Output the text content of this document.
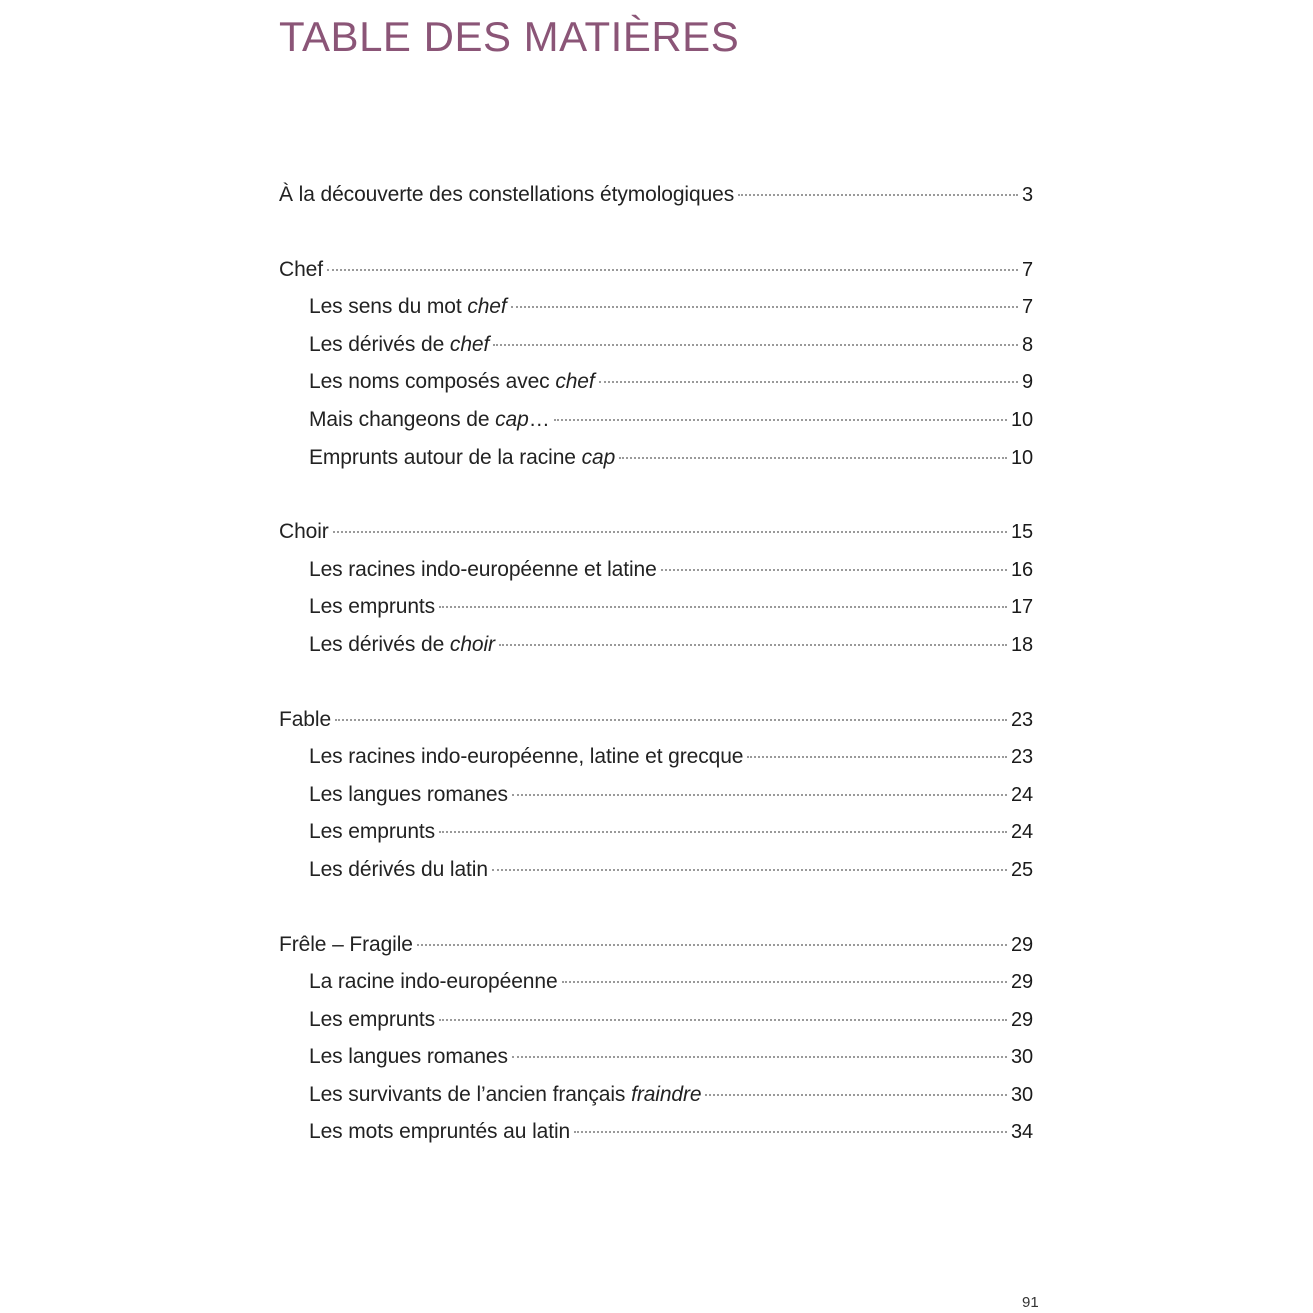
TABLE DES MATIÈRES
À la découverte des constellations étymologiques	3
Chef	7
Les sens du mot chef	7
Les dérivés de chef	8
Les noms composés avec chef	9
Mais changeons de cap…	10
Emprunts autour de la racine cap	10
Choir	15
Les racines indo-européenne et latine	16
Les emprunts	17
Les dérivés de choir	18
Fable	23
Les racines indo-européenne, latine et grecque	23
Les langues romanes	24
Les emprunts	24
Les dérivés du latin	25
Frêle – Fragile	29
La racine indo-européenne	29
Les emprunts	29
Les langues romanes	30
Les survivants de l’ancien français fraindre	30
Les mots empruntés au latin	34
91
